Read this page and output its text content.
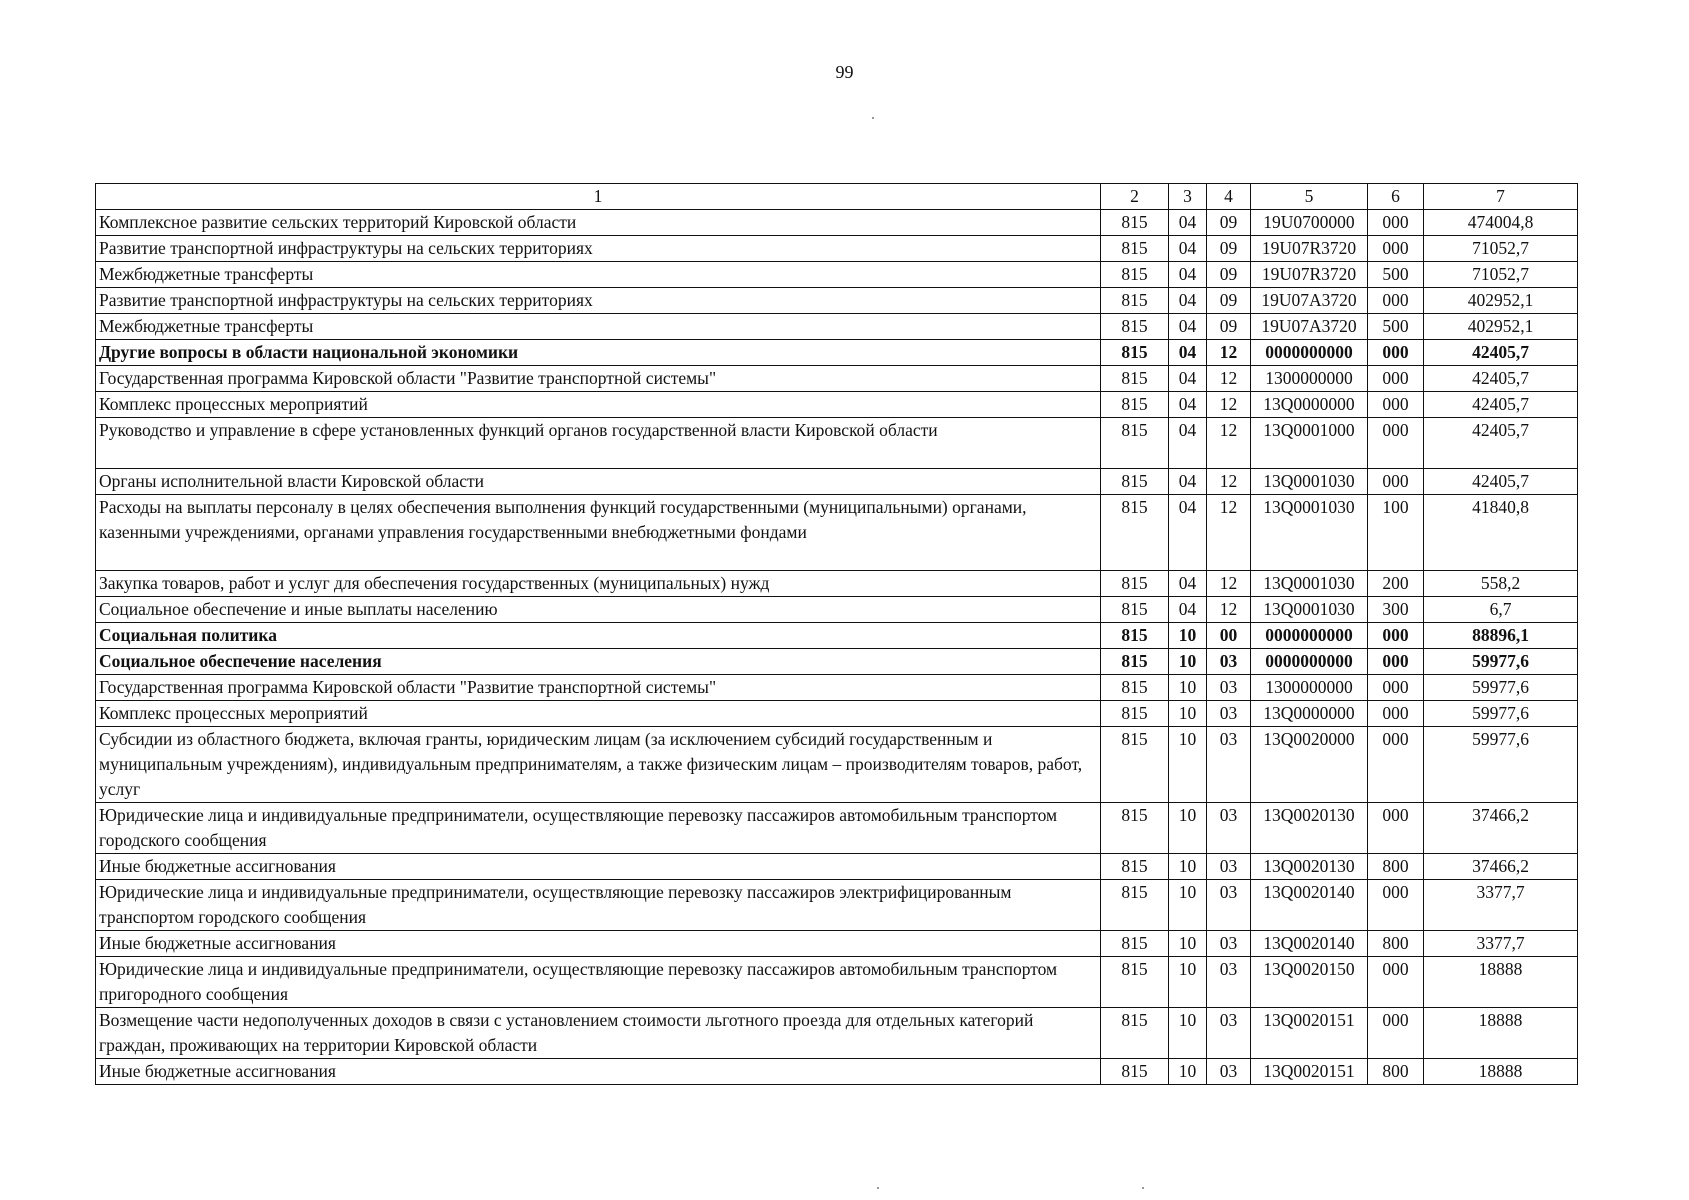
99
1	2	3	4	5	6	7
Комплексное развитие сельских территорий Кировской области	815	04	09	19U0700000	000	474004,8
Развитие транспортной инфраструктуры на сельских территориях	815	04	09	19U07R3720	000	71052,7
Межбюджетные трансферты	815	04	09	19U07R3720	500	71052,7
Развитие транспортной инфраструктуры на сельских территориях	815	04	09	19U07A3720	000	402952,1
Межбюджетные трансферты	815	04	09	19U07A3720	500	402952,1
Другие вопросы в области национальной экономики	815	04	12	0000000000	000	42405,7
Государственная программа Кировской области "Развитие транспортной системы"	815	04	12	1300000000	000	42405,7
Комплекс процессных мероприятий	815	04	12	13Q0000000	000	42405,7
Руководство и управление в сфере установленных функций органов государственной власти Кировской области	815	04	12	13Q0001000	000	42405,7
Органы исполнительной власти Кировской области	815	04	12	13Q0001030	000	42405,7
Расходы на выплаты персоналу в целях обеспечения выполнения функций государственными (муниципальными) органами, казенными учреждениями, органами управления государственными внебюджетными фондами	815	04	12	13Q0001030	100	41840,8
Закупка товаров, работ и услуг для обеспечения государственных (муниципальных) нужд	815	04	12	13Q0001030	200	558,2
Социальное обеспечение и иные выплаты населению	815	04	12	13Q0001030	300	6,7
Социальная политика	815	10	00	0000000000	000	88896,1
Социальное обеспечение населения	815	10	03	0000000000	000	59977,6
Государственная программа Кировской области "Развитие транспортной системы"	815	10	03	1300000000	000	59977,6
Комплекс процессных мероприятий	815	10	03	13Q0000000	000	59977,6
Субсидии из областного бюджета, включая гранты, юридическим лицам (за исключением субсидий государственным и муниципальным учреждениям), индивидуальным предпринимателям, а также физическим лицам – производителям товаров, работ, услуг	815	10	03	13Q0020000	000	59977,6
Юридические лица и индивидуальные предприниматели, осуществляющие перевозку пассажиров автомобильным транспортом городского сообщения	815	10	03	13Q0020130	000	37466,2
Иные бюджетные ассигнования	815	10	03	13Q0020130	800	37466,2
Юридические лица и индивидуальные предприниматели, осуществляющие перевозку пассажиров электрифицированным транспортом городского сообщения	815	10	03	13Q0020140	000	3377,7
Иные бюджетные ассигнования	815	10	03	13Q0020140	800	3377,7
Юридические лица и индивидуальные предприниматели, осуществляющие перевозку пассажиров автомобильным транспортом пригородного сообщения	815	10	03	13Q0020150	000	18888
Возмещение части недополученных доходов в связи с установлением стоимости льготного проезда для отдельных категорий граждан, проживающих на территории Кировской области	815	10	03	13Q0020151	000	18888
Иные бюджетные ассигнования	815	10	03	13Q0020151	800	18888
